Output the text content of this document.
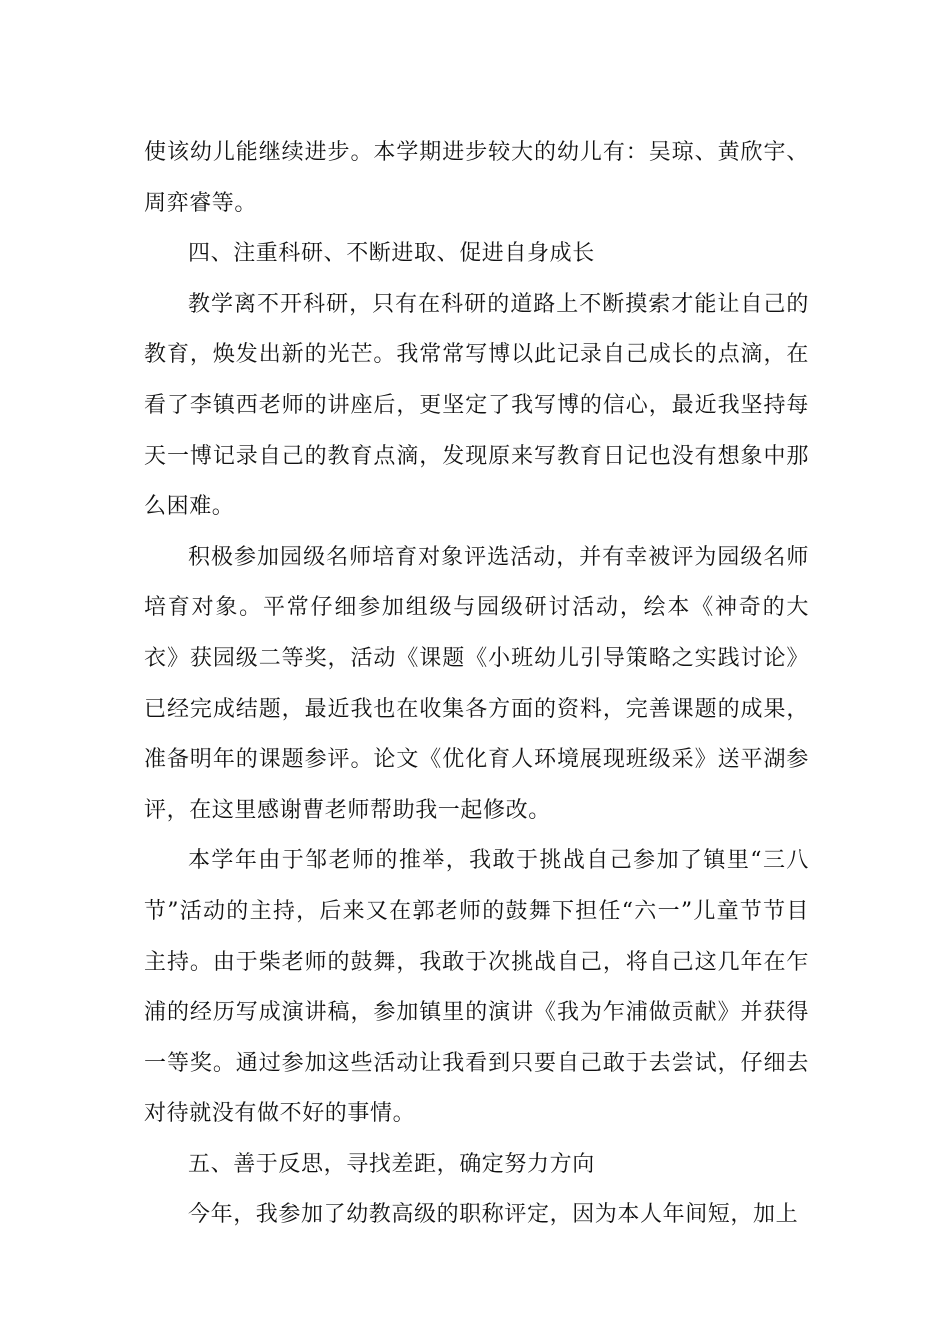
使该幼儿能继续进步。本学期进步较大的幼儿有：吴琼、黄欣宇、周弈睿等。

四、注重科研、不断进取、促进自身成长

教学离不开科研，只有在科研的道路上不断摸索才能让自己的教育，焕发出新的光芒。我常常写博以此记录自己成长的点滴，在看了李镇西老师的讲座后，更坚定了我写博的信心，最近我坚持每天一博记录自己的教育点滴，发现原来写教育日记也没有想象中那么困难。

积极参加园级名师培育对象评选活动，并有幸被评为园级名师培育对象。平常仔细参加组级与园级研讨活动，绘本《神奇的大衣》获园级二等奖，活动《课题《小班幼儿引导策略之实践讨论》已经完成结题，最近我也在收集各方面的资料，完善课题的成果，准备明年的课题参评。论文《优化育人环境展现班级采》送平湖参评，在这里感谢曹老师帮助我一起修改。

本学年由于邹老师的推举，我敢于挑战自己参加了镇里“三八节”活动的主持，后来又在郭老师的鼓舞下担任“六一”儿童节节目主持。由于柴老师的鼓舞，我敢于次挑战自己，将自己这几年在乍浦的经历写成演讲稿，参加镇里的演讲《我为乍浦做贡献》并获得一等奖。通过参加这些活动让我看到只要自己敢于去尝试，仔细去对待就没有做不好的事情。

五、善于反思，寻找差距，确定努力方向

今年，我参加了幼教高级的职称评定，因为本人年间短，加上
